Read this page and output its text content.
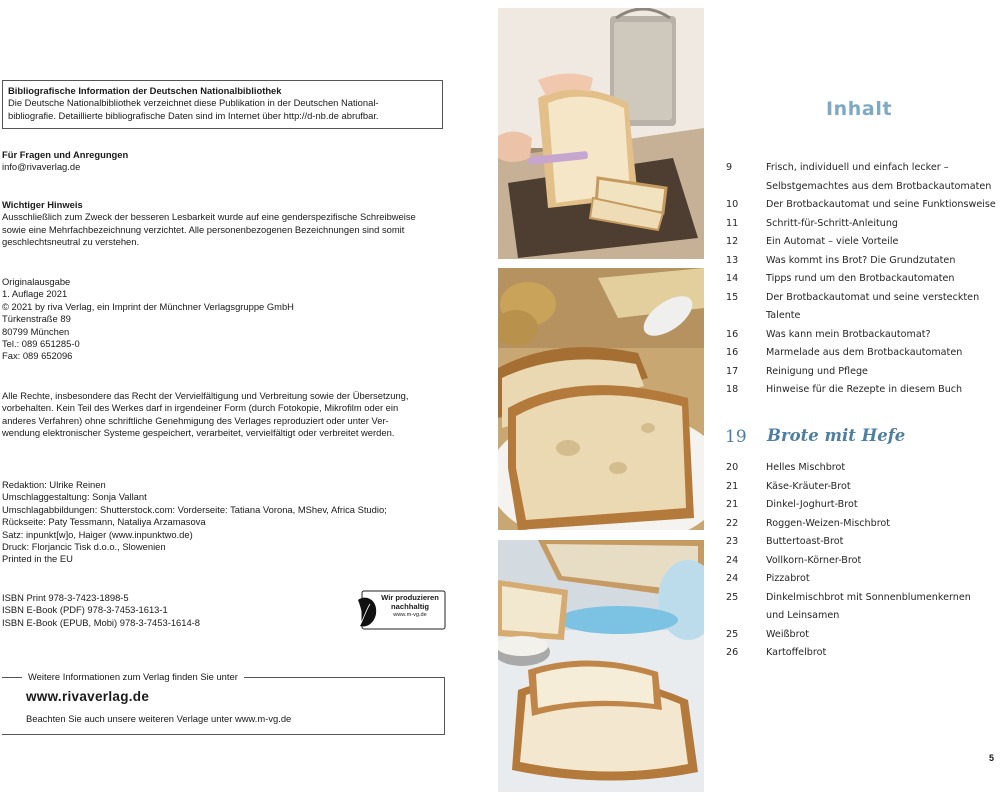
Bibliografische Information der Deutschen Nationalbibliothek

Die Deutsche Nationalbibliothek verzeichnet diese Publikation in der Deutschen National-

bibliografie. Detaillierte bibliografische Daten sind im Internet über http://d-nb.de abrufbar.

Für Fragen und Anregungen

info@rivaverlag.de

Wichtiger Hinweis

Ausschließlich zum Zweck der besseren Lesbarkeit wurde auf eine genderspezifische Schreibweise

sowie eine Mehrfachbezeichnung verzichtet. Alle personenbezogenen Bezeichnungen sind somit

geschlechtsneutral zu verstehen.

Originalausgabe

1. Auflage 2021

© 2021 by riva Verlag, ein Imprint der Münchner Verlagsgruppe GmbH

Türkenstraße 89

80799 München

Tel.: 089 651285-0

Fax: 089 652096

Alle Rechte, insbesondere das Recht der Vervielfältigung und Verbreitung sowie der Übersetzung,

vorbehalten. Kein Teil des Werkes darf in irgendeiner Form (durch Fotokopie, Mikrofilm oder ein

anderes Verfahren) ohne schriftliche Genehmigung des Verlages reproduziert oder unter Ver-

wendung elektronischer Systeme gespeichert, verarbeitet, vervielfältigt oder verbreitet werden.

Redaktion: Ulrike Reinen

Umschlaggestaltung: Sonja Vallant

Umschlagabbildungen: Shutterstock.com: Vorderseite: Tatiana Vorona, MShev, Africa Studio;

Rückseite: Paty Tessmann, Nataliya Arzamasova

Satz: inpunkt[w]o, Haiger (www.inpunktwo.de)

Druck: Florjancic Tisk d.o.o., Slowenien

Printed in the EU

ISBN Print 978-3-7423-1898-5

ISBN E-Book (PDF) 978-3-7453-1613-1

ISBN E-Book (EPUB, Mobi) 978-3-7453-1614-8

Wir produzieren
nachhaltig
www.m-vg.de
Weitere Informationen zum Verlag finden Sie unter
www.rivaverlag.de
Beachten Sie auch unsere weiteren Verlage unter www.m-vg.de
Inhalt
9	Frisch, individuell und einfach lecker –
Selbstgemachtes aus dem Brotbackautomaten
10	Der Brotbackautomat und seine Funktionsweise
11	Schritt-für-Schritt-Anleitung
12	Ein Automat – viele Vorteile
13	Was kommt ins Brot? Die Grundzutaten
14	Tipps rund um den Brotbackautomaten
15	Der Brotbackautomat und seine versteckten
Talente
16	Was kann mein Brotbackautomat?
16	Marmelade aus dem Brotbackautomaten
17	Reinigung und Pflege
18	Hinweise für die Rezepte in diesem Buch
19 Brote mit Hefe
20	Helles Mischbrot
21	Käse-Kräuter-Brot
21	Dinkel-Joghurt-Brot
22	Roggen-Weizen-Mischbrot
23	Buttertoast-Brot
24	Vollkorn-Körner-Brot
24	Pizzabrot
25	Dinkelmischbrot mit Sonnenblumenkernen
und Leinsamen
25	Weißbrot
26	Kartoffelbrot
5
